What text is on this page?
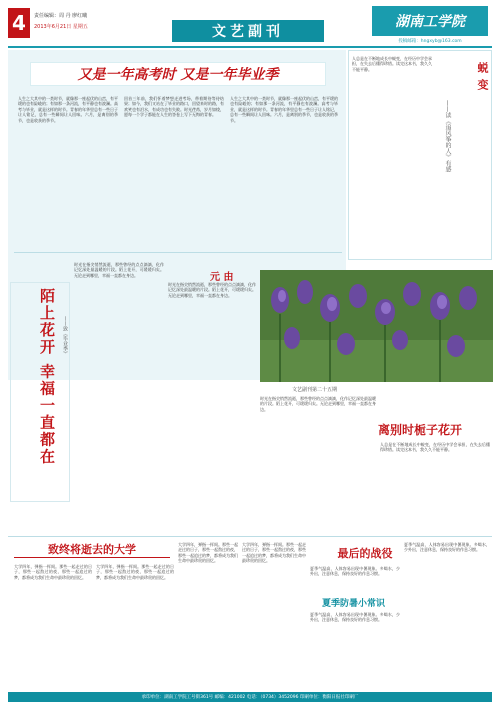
4	责任编辑：周 丹 廖红曦
2013年6月21日 星期五	文艺副刊
湖南工学院
投稿邮箱：hngxyb@163.com
又是一年高考时 又是一年毕业季
人生之大其中的一类时节，就像那一座起伏的山峦，有平缓的也有险峻的；有如那一条河流，有平静也有波澜。高考与毕业，就是这样的时节。青春的年华里总有一些日子让人铭记，总有一些瞬间让人回味。六月，是离别的季节，也是收获的季节。
回首三年前，我们怀着梦想走进考场，带着期待等待结果；如今，我们又站在了毕业的路口，回望来时的路，有欢笑也有泪水，有成功也有失败。时光荏苒，岁月如梭，愿每一个学子都能在人生的答卷上写下无悔的青春。
人生之大其中的一类时节，就像那一座起伏的山峦，有平缓的也有险峻的；有如那一条河流，有平静也有波澜。高考与毕业，就是这样的时节。青春的年华里总有一些日子让人铭记，总有一些瞬间让人回味。六月，是离别的季节，也是收获的季节。
人总是在不断地成长中蜕变，在经历中学会承担，在失去后懂得珍惜。读完这本书，我久久不能平静。	蜕变
——读《追风筝的人》有感
陌上花开 幸福一直都在	——致《毕业季》
时光在指尖悄然流逝，那些曾经的点点滴滴，化作记忆深处最温暖的片段。陌上花开，可缓缓归矣。无论走到哪里，幸福一直都在身边。
时光在指尖悄然流逝，那些曾经的点点滴滴，化作记忆深处最温暖的片段。陌上花开，可缓缓归矣。无论走到哪里，幸福一直都在身边。
元 由
文艺副刊第二十五期
时光在指尖悄然流逝，那些曾经的点点滴滴，化作记忆深处最温暖的片段。陌上花开，可缓缓归矣。无论走到哪里，幸福一直都在身边。
离别时栀子花开
人总是在不断地成长中蜕变，在经历中学会承担，在失去后懂得珍惜。读完这本书，我久久不能平静。
致终将逝去的大学
大学四年，弹指一挥间。那些一起走过的日子，那些一起熬过的夜，那些一起追过的梦，都将成为我们生命中最珍贵的回忆。
大学四年，弹指一挥间。那些一起走过的日子，那些一起熬过的夜，那些一起追过的梦，都将成为我们生命中最珍贵的回忆。
大学四年，弹指一挥间。那些一起走过的日子，那些一起熬过的夜，那些一起追过的梦，都将成为我们生命中最珍贵的回忆。
大学四年，弹指一挥间。那些一起走过的日子，那些一起熬过的夜，那些一起追过的梦，都将成为我们生命中最珍贵的回忆。
最后的战役
夏季气温高，人体容易出现中暑现象。多喝水，少外出，注意休息，保持良好的作息习惯。
夏季防暑小常识
夏季气温高，人体容易出现中暑现象。多喝水，少外出，注意休息，保持良好的作息习惯。
夏季气温高，人体容易出现中暑现象。多喝水，少外出，注意休息，保持良好的作息习惯。
承印单位：湖南工学院工号街361号 邮编：421002 电话：（0734）3452096 印刷单位：衡阳日报社印刷厂
